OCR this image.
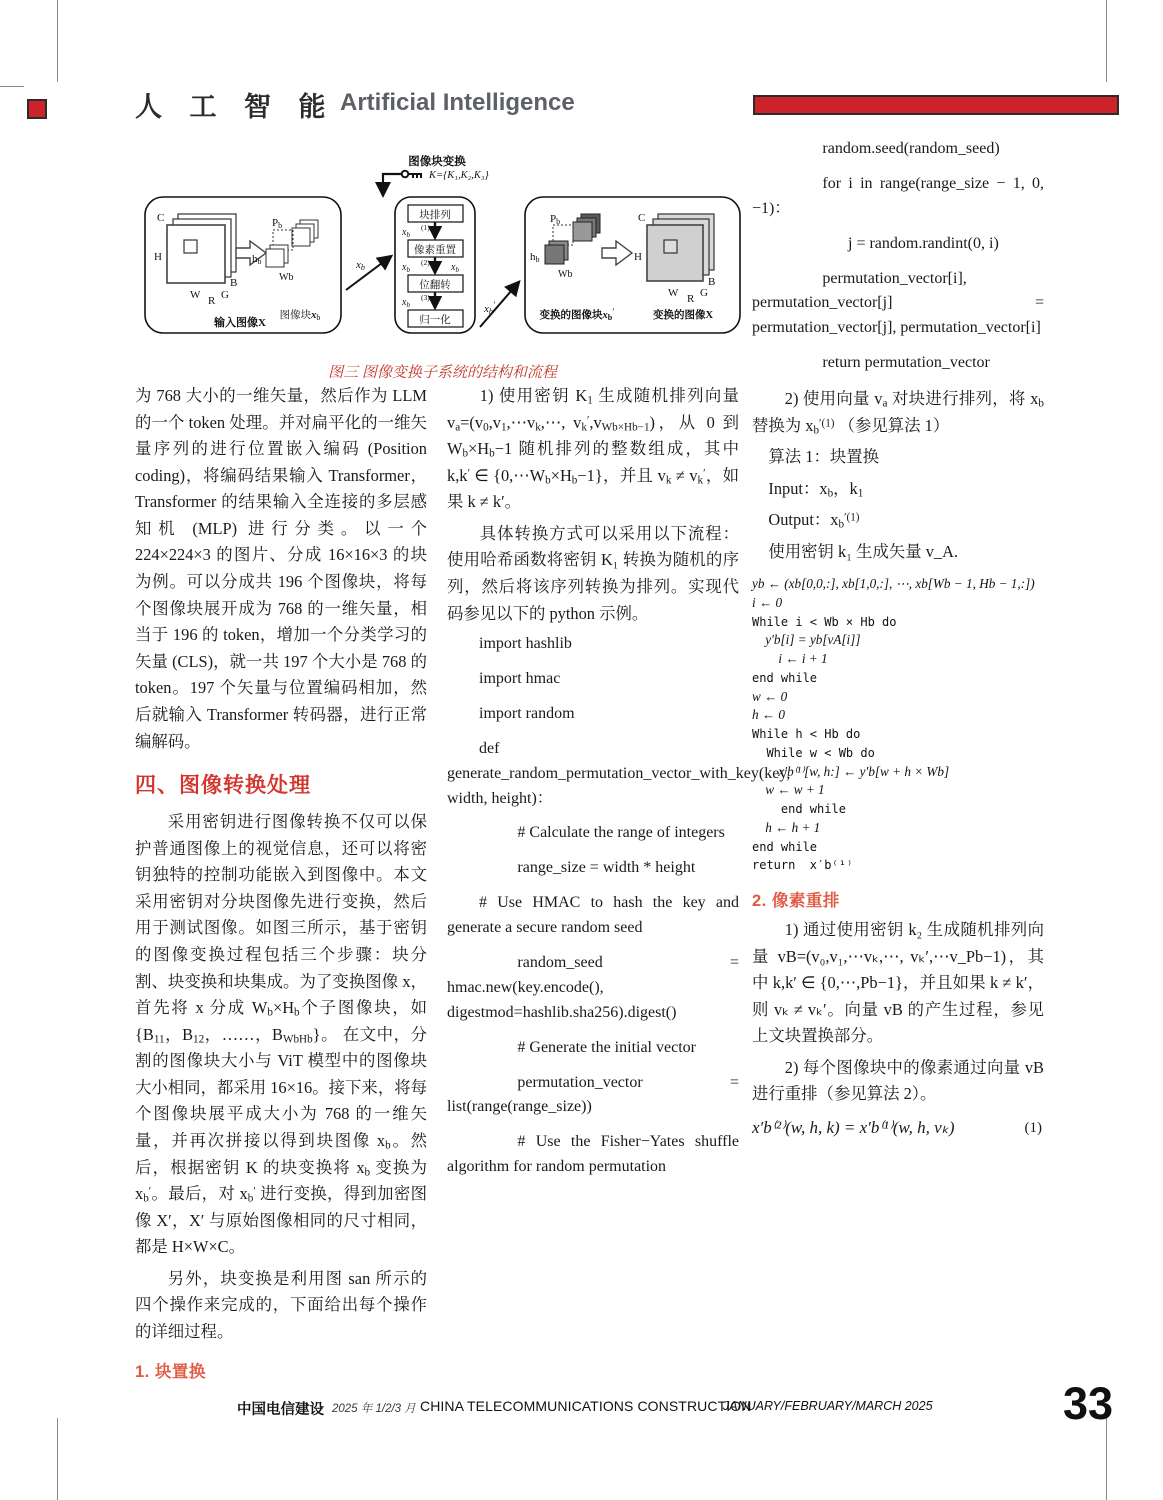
人 工 智 能 Artificial Intelligence
图像块变换
K={K₁,K₂,K₃}
C
H
W
B
G
R
Pb
hb
Wb
输入图像X
图像块xb
xb
块排列
(1)
$x_b$
像素重置
(2)
$x_b$	$x_b$
位翻转
(3)
$x_b$
归一化
xb′
Pb
hb
Wb
C
H
W
B
G
R
变换的图像块xb′	变换的图像X
图三 图像变换子系统的结构和流程

为 768 大小的一维矢量，然后作为 LLM 的一个 token 处理。并对扁平化的一维矢量序列的进行位置嵌入编码 (Position coding)，将编码结果输入 Transformer，Transformer 的结果输入全连接的多层感知机 (MLP) 进行分类。以一个 224×224×3 的图片、分成 16×16×3 的块为例。可以分成共 196 个图像块，将每个图像块展开成为 768 的一维矢量，相当于 196 的 token，增加一个分类学习的矢量 (CLS)，就一共 197 个大小是 768 的 token。197 个矢量与位置编码相加，然后就输入 Transformer 转码器，进行正常编解码。

四、图像转换处理

采用密钥进行图像转换不仅可以保护普通图像上的视觉信息，还可以将密钥独特的控制功能嵌入到图像中。本文采用密钥对分块图像先进行变换，然后用于测试图像。如图三所示，基于密钥的图像变换过程包括三个步骤：块分割、块变换和块集成。为了变换图像 x，首先将 x 分成 $W_b\times H_b$个子图像块，如 {$B_{11}$，$B_{12}$，……，$B_{WbHb}$}。 在文中，分割的图像块大小与 ViT 模型中的图像块大小相同，都采用 16×16。接下来，将每个图像块展平成大小为 768 的一维矢量，并再次拼接以得到块图像 $x_b$。然后，根据密钥 K 的块变换将 $x_b$ 变换为 $x_b'$。最后，对 $x_b'$ 进行变换，得到加密图像 X′，X′ 与原始图像相同的尺寸相同，都是 H×W×C。

另外，块变换是利用图 san 所示的四个操作来完成的，下面给出每个操作的详细过程。

1. 块置换

1) 使用密钥 $K_1$ 生成随机排列向量 $v_a=(v_0,v_1,\cdots v_k,\cdots$, $v_k',v_{Wb\times Hb-1}$)，从 0 到 $W_b\times H_b-1$ 随机排列的整数组成，其中 k,k′ ∈ $\{0,\cdots W_b\times H_b-1\}$，并且 $v_k \ne v_k'$，如果 k ≠ k′。

具体转换方式可以采用以下流程：使用哈希函数将密钥 K₁ 转换为随机的序列，然后将该序列转换为排列。实现代码参见以下的 python 示例。

import hashlib

import hmac

import random

def generate_random_permutation_vector_with_key(key, width, height)：

# Calculate the range of integers

range_size = width * height

# Use HMAC to hash the key and generate a secure random seed

random_seed = hmac.new(key.encode(), digestmod=hashlib.sha256).digest()

# Generate the initial vector

permutation_vector = list(range(range_size))

# Use the Fisher−Yates shuffle algorithm for random permutation

random.seed(random_seed)

for i in range(range_size − 1, 0, −1)：

j = random.randint(0, i)

permutation_vector[i], permutation_vector[j] = permutation_vector[j], permutation_vector[i]

return permutation_vector

2) 使用向量 $v_a$ 对块进行排列，将 $x_b$ 替换为 $x_b^{'(1)}$ （参见算法 1）

算法 1：块置换

Input：$x_b$，$k_1$

Output：$x_b^{'(1)}$

使用密钥 k₁ 生成矢量 v_A.

yb ← (xb[0,0,:], xb[1,0,:], ⋯, xb[Wb − 1, Hb − 1,:])
i ← 0
While i < Wb × Hb do
y′b[i] = yb[vA[i]]
i ← i + 1
end while
w ← 0
h ← 0
While h < Hb do
While w < Wb do
x′b⁽¹⁾[w, h:] ← y′b[w + h × Wb]
w ← w + 1
end while
h ← h + 1
end while
return  x′b⁽¹⁾

2. 像素重排

1) 通过使用密钥 k₂ 生成随机排列向量 vB=(v₀,v₁,⋯vₖ,⋯, vₖ′,⋯v_Pb−1)，其中 k,k′ ∈ {0,⋯,Pb−1}，并且如果 k ≠ k′，则 vₖ ≠ vₖ′。向量 vB 的产生过程，参见上文块置换部分。

2) 每个图像块中的像素通过向量 vB 进行重排（参见算法 2）。

x′b⁽²⁾(w, h, k) = x′b⁽¹⁾(w, h, vₖ)	(1)
中国电信建设 2025 年 1/2/3 月 CHINA TELECOMMUNICATIONS CONSTRUCTION
JANUARY/FEBRUARY/MARCH 2025	33
